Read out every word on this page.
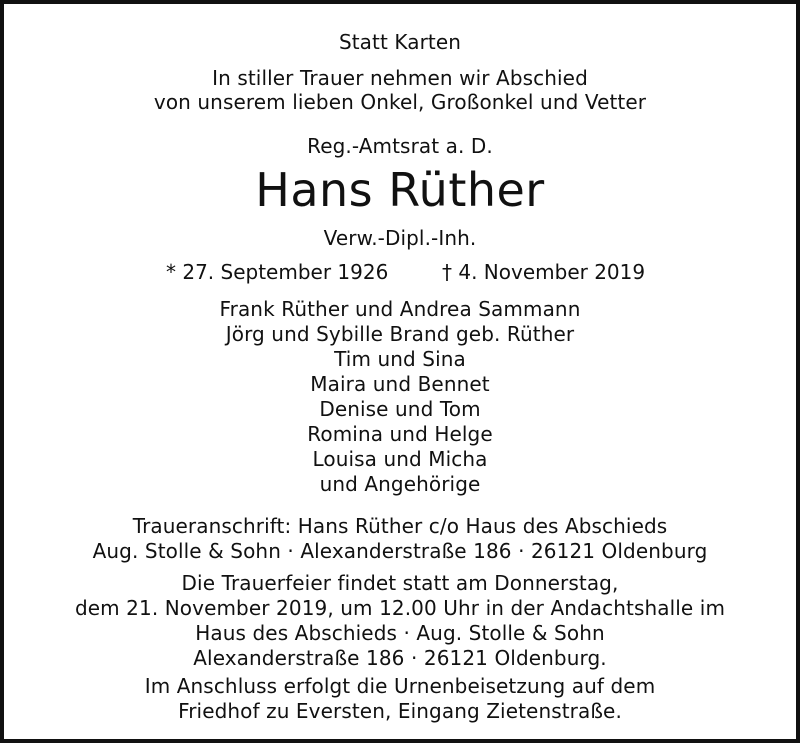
Statt Karten
In stiller Trauer nehmen wir Abschied
von unserem lieben Onkel, Großonkel und Vetter
Reg.-Amtsrat a. D.
Hans Rüther
Verw.-Dipl.-Inh.
* 27. September 1926	† 4. November 2019
Frank Rüther und Andrea Sammann
Jörg und Sybille Brand geb. Rüther
Tim und Sina
Maira und Bennet
Denise und Tom
Romina und Helge
Louisa und Micha
und Angehörige
Traueranschrift: Hans Rüther c/o Haus des Abschieds
Aug. Stolle & Sohn · Alexanderstraße 186 · 26121 Oldenburg
Die Trauerfeier findet statt am Donnerstag,
dem 21. November 2019, um 12.00 Uhr in der Andachtshalle im
Haus des Abschieds · Aug. Stolle & Sohn
Alexanderstraße 186 · 26121 Oldenburg.
Im Anschluss erfolgt die Urnenbeisetzung auf dem
Friedhof zu Eversten, Eingang Zietenstraße.
